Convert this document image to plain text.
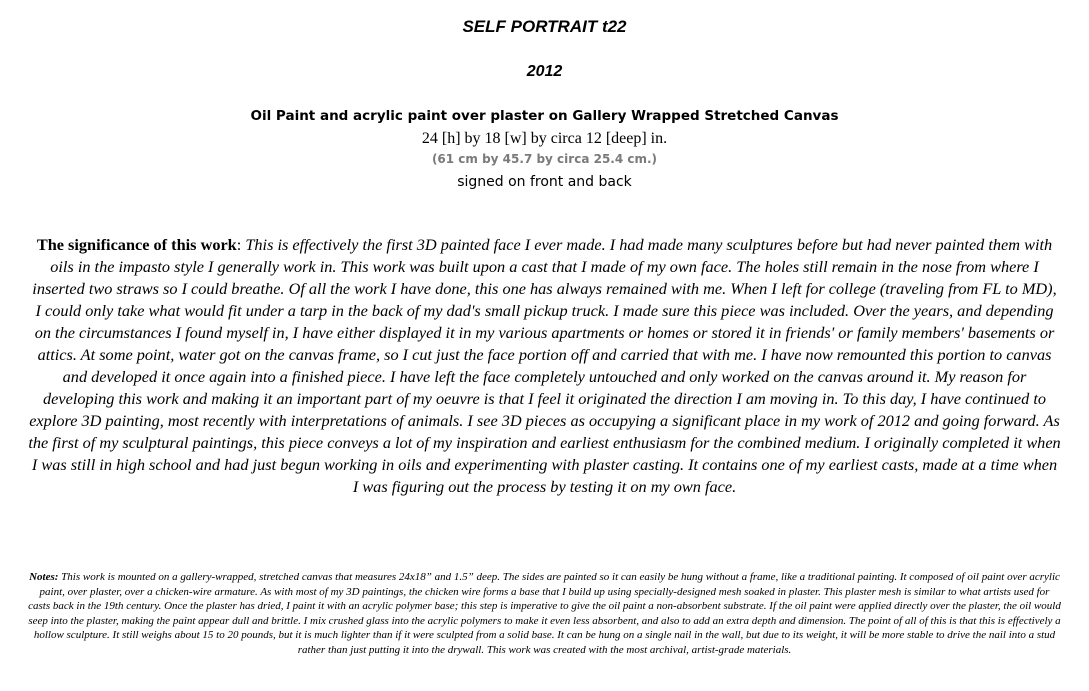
SELF PORTRAIT t22
2012
Oil Paint and acrylic paint over plaster on Gallery Wrapped Stretched Canvas
24 [h] by 18 [w] by circa 12 [deep] in.
(61 cm by 45.7 by circa 25.4 cm.)
signed on front and back
The significance of this work: This is effectively the first 3D painted face I ever made. I had made many sculptures before but had never painted them with oils in the impasto style I generally work in. This work was built upon a cast that I made of my own face. The holes still remain in the nose from where I inserted two straws so I could breathe. Of all the work I have done, this one has always remained with me. When I left for college (traveling from FL to MD), I could only take what would fit under a tarp in the back of my dad's small pickup truck. I made sure this piece was included. Over the years, and depending on the circumstances I found myself in, I have either displayed it in my various apartments or homes or stored it in friends' or family members' basements or attics. At some point, water got on the canvas frame, so I cut just the face portion off and carried that with me. I have now remounted this portion to canvas and developed it once again into a finished piece. I have left the face completely untouched and only worked on the canvas around it. My reason for developing this work and making it an important part of my oeuvre is that I feel it originated the direction I am moving in. To this day, I have continued to explore 3D painting, most recently with interpretations of animals. I see 3D pieces as occupying a significant place in my work of 2012 and going forward. As the first of my sculptural paintings, this piece conveys a lot of my inspiration and earliest enthusiasm for the combined medium. I originally completed it when I was still in high school and had just begun working in oils and experimenting with plaster casting. It contains one of my earliest casts, made at a time when I was figuring out the process by testing it on my own face.
Notes: This work is mounted on a gallery-wrapped, stretched canvas that measures 24x18” and 1.5” deep. The sides are painted so it can easily be hung without a frame, like a traditional painting. It composed of oil paint over acrylic paint, over plaster, over a chicken-wire armature. As with most of my 3D paintings, the chicken wire forms a base that I build up using specially-designed mesh soaked in plaster. This plaster mesh is similar to what artists used for casts back in the 19th century. Once the plaster has dried, I paint it with an acrylic polymer base; this step is imperative to give the oil paint a non-absorbent substrate. If the oil paint were applied directly over the plaster, the oil would seep into the plaster, making the paint appear dull and brittle. I mix crushed glass into the acrylic polymers to make it even less absorbent, and also to add an extra depth and dimension. The point of all of this is that this is effectively a hollow sculpture. It still weighs about 15 to 20 pounds, but it is much lighter than if it were sculpted from a solid base. It can be hung on a single nail in the wall, but due to its weight, it will be more stable to drive the nail into a stud rather than just putting it into the drywall. This work was created with the most archival, artist-grade materials.
